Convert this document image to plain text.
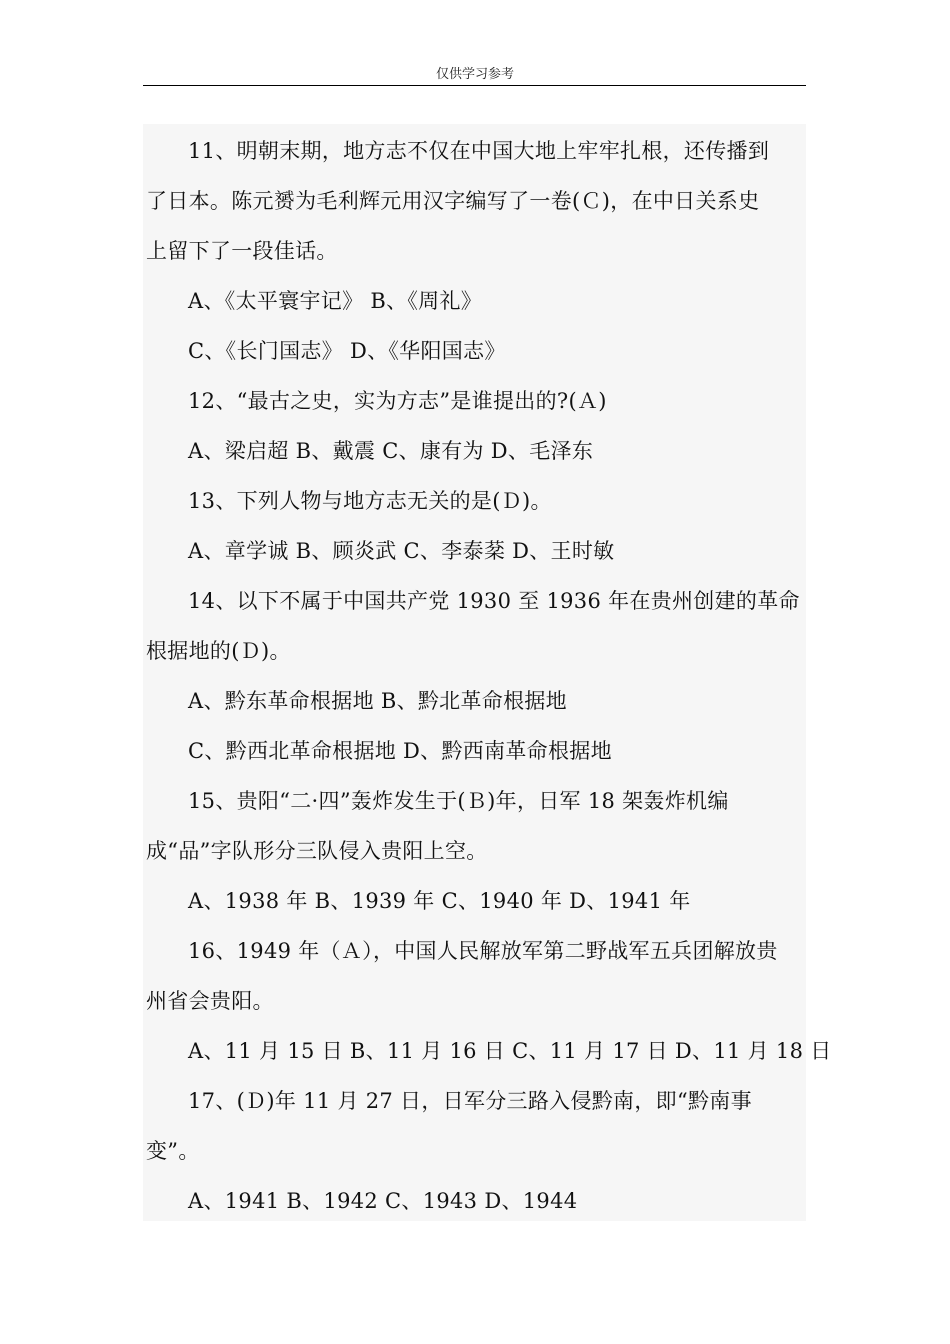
仅供学习参考
11、明朝末期，地方志不仅在中国大地上牢牢扎根，还传播到
了日本。陈元赟为毛利辉元用汉字编写了一卷(Ｃ)，在中日关系史
上留下了一段佳话。
A、《太平寰宇记》 B、《周礼》
C、《长门国志》 D、《华阳国志》
12、“最古之史，实为方志”是谁提出的?(Ａ)
A、梁启超 B、戴震 C、康有为 D、毛泽东
13、下列人物与地方志无关的是(Ｄ)。
A、章学诚 B、顾炎武 C、李泰棻 D、王时敏
14、以下不属于中国共产党 1930 至 1936 年在贵州创建的革命
根据地的(Ｄ)。
A、黔东革命根据地 B、黔北革命根据地
C、黔西北革命根据地 D、黔西南革命根据地
15、贵阳“二·四”轰炸发生于(Ｂ)年，日军 18 架轰炸机编
成“品”字队形分三队侵入贵阳上空。
A、1938 年 B、1939 年 C、1940 年 D、1941 年
16、1949 年（Ａ），中国人民解放军第二野战军五兵团解放贵
州省会贵阳。
A、11 月 15 日 B、11 月 16 日 C、11 月 17 日 D、11 月 18 日
17、(Ｄ)年 11 月 27 日，日军分三路入侵黔南，即“黔南事
变”。
A、1941 B、1942 C、1943 D、1944
